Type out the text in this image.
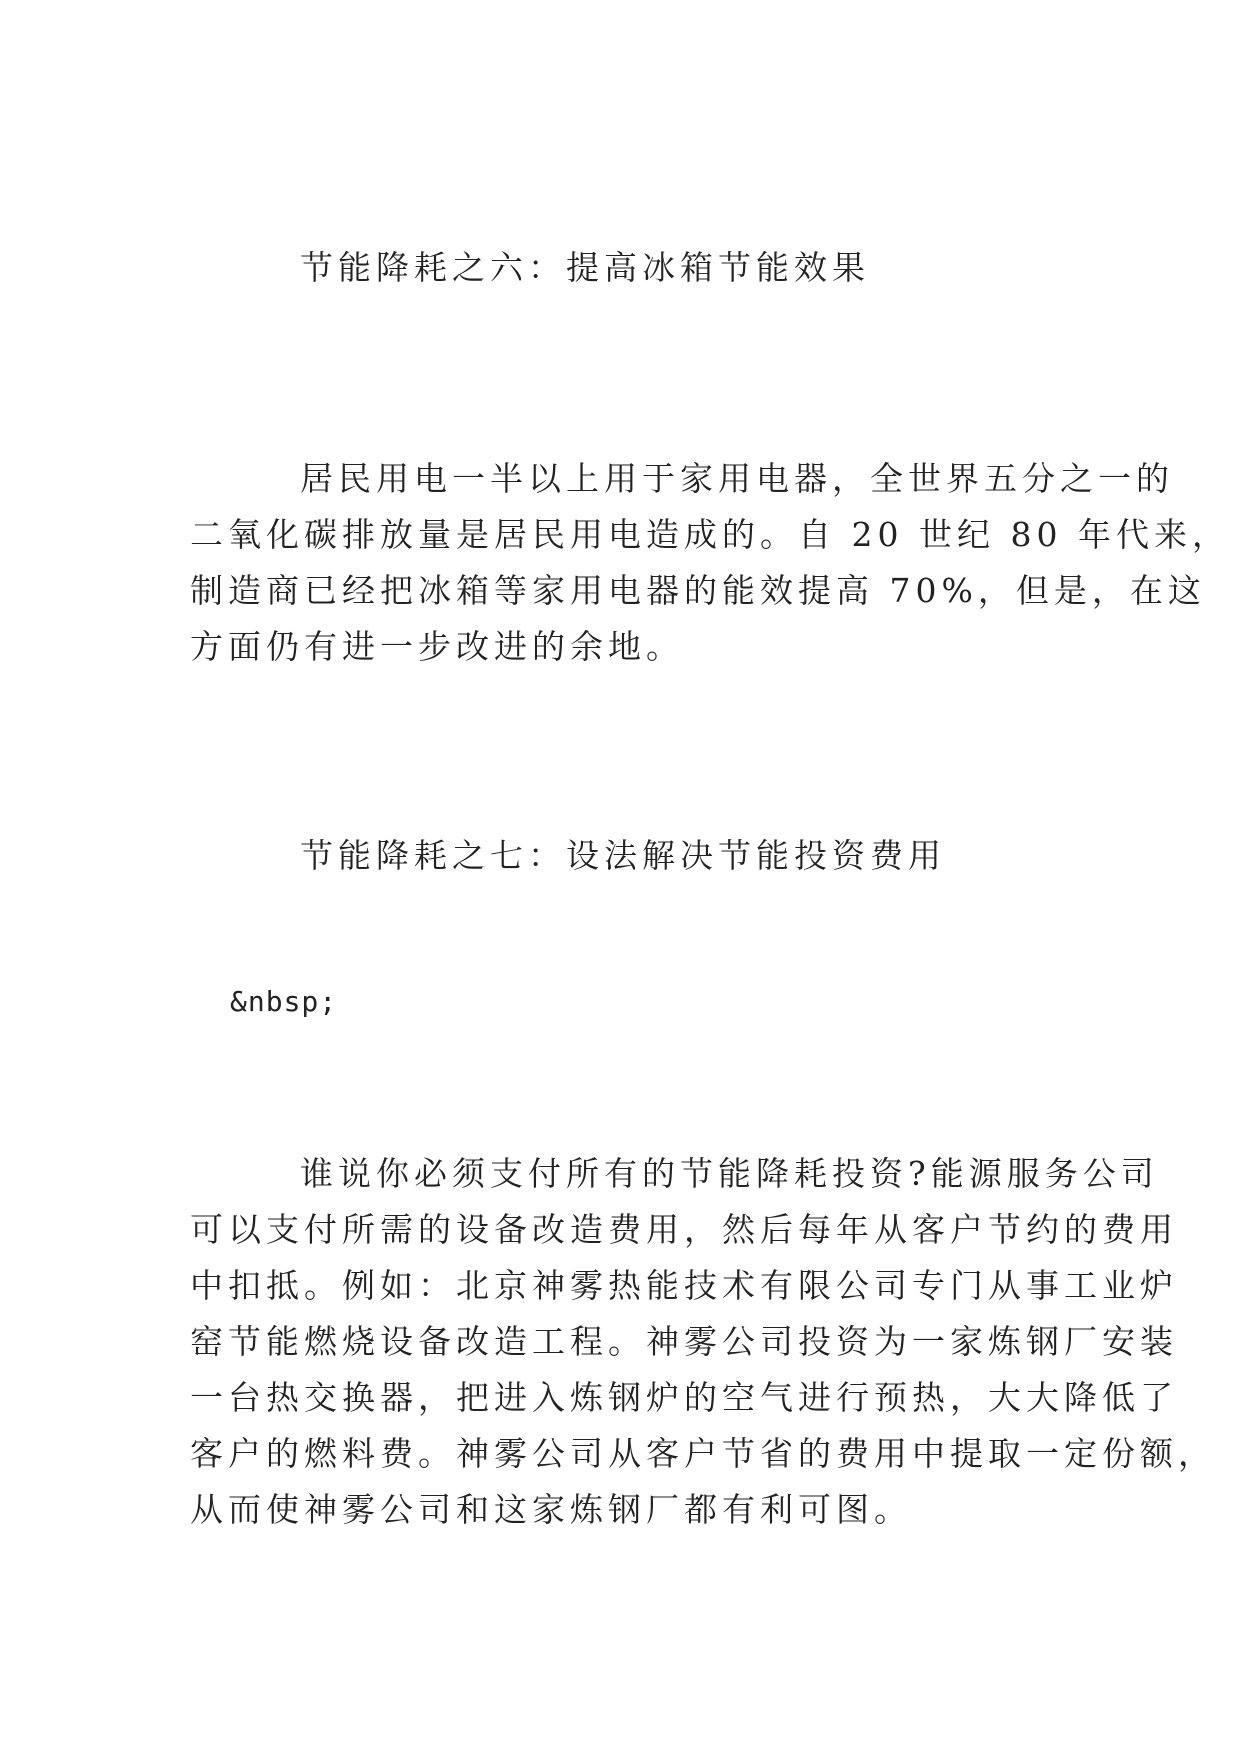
节能降耗之六：提高冰箱节能效果
居民用电一半以上用于家用电器，全世界五分之一的
二氧化碳排放量是居民用电造成的。自 20 世纪 80 年代来，
制造商已经把冰箱等家用电器的能效提高 70%，但是，在这
方面仍有进一步改进的余地。
节能降耗之七：设法解决节能投资费用
&nbsp;
谁说你必须支付所有的节能降耗投资?能源服务公司
可以支付所需的设备改造费用，然后每年从客户节约的费用
中扣抵。例如：北京神雾热能技术有限公司专门从事工业炉
窑节能燃烧设备改造工程。神雾公司投资为一家炼钢厂安装
一台热交换器，把进入炼钢炉的空气进行预热，大大降低了
客户的燃料费。神雾公司从客户节省的费用中提取一定份额，
从而使神雾公司和这家炼钢厂都有利可图。
